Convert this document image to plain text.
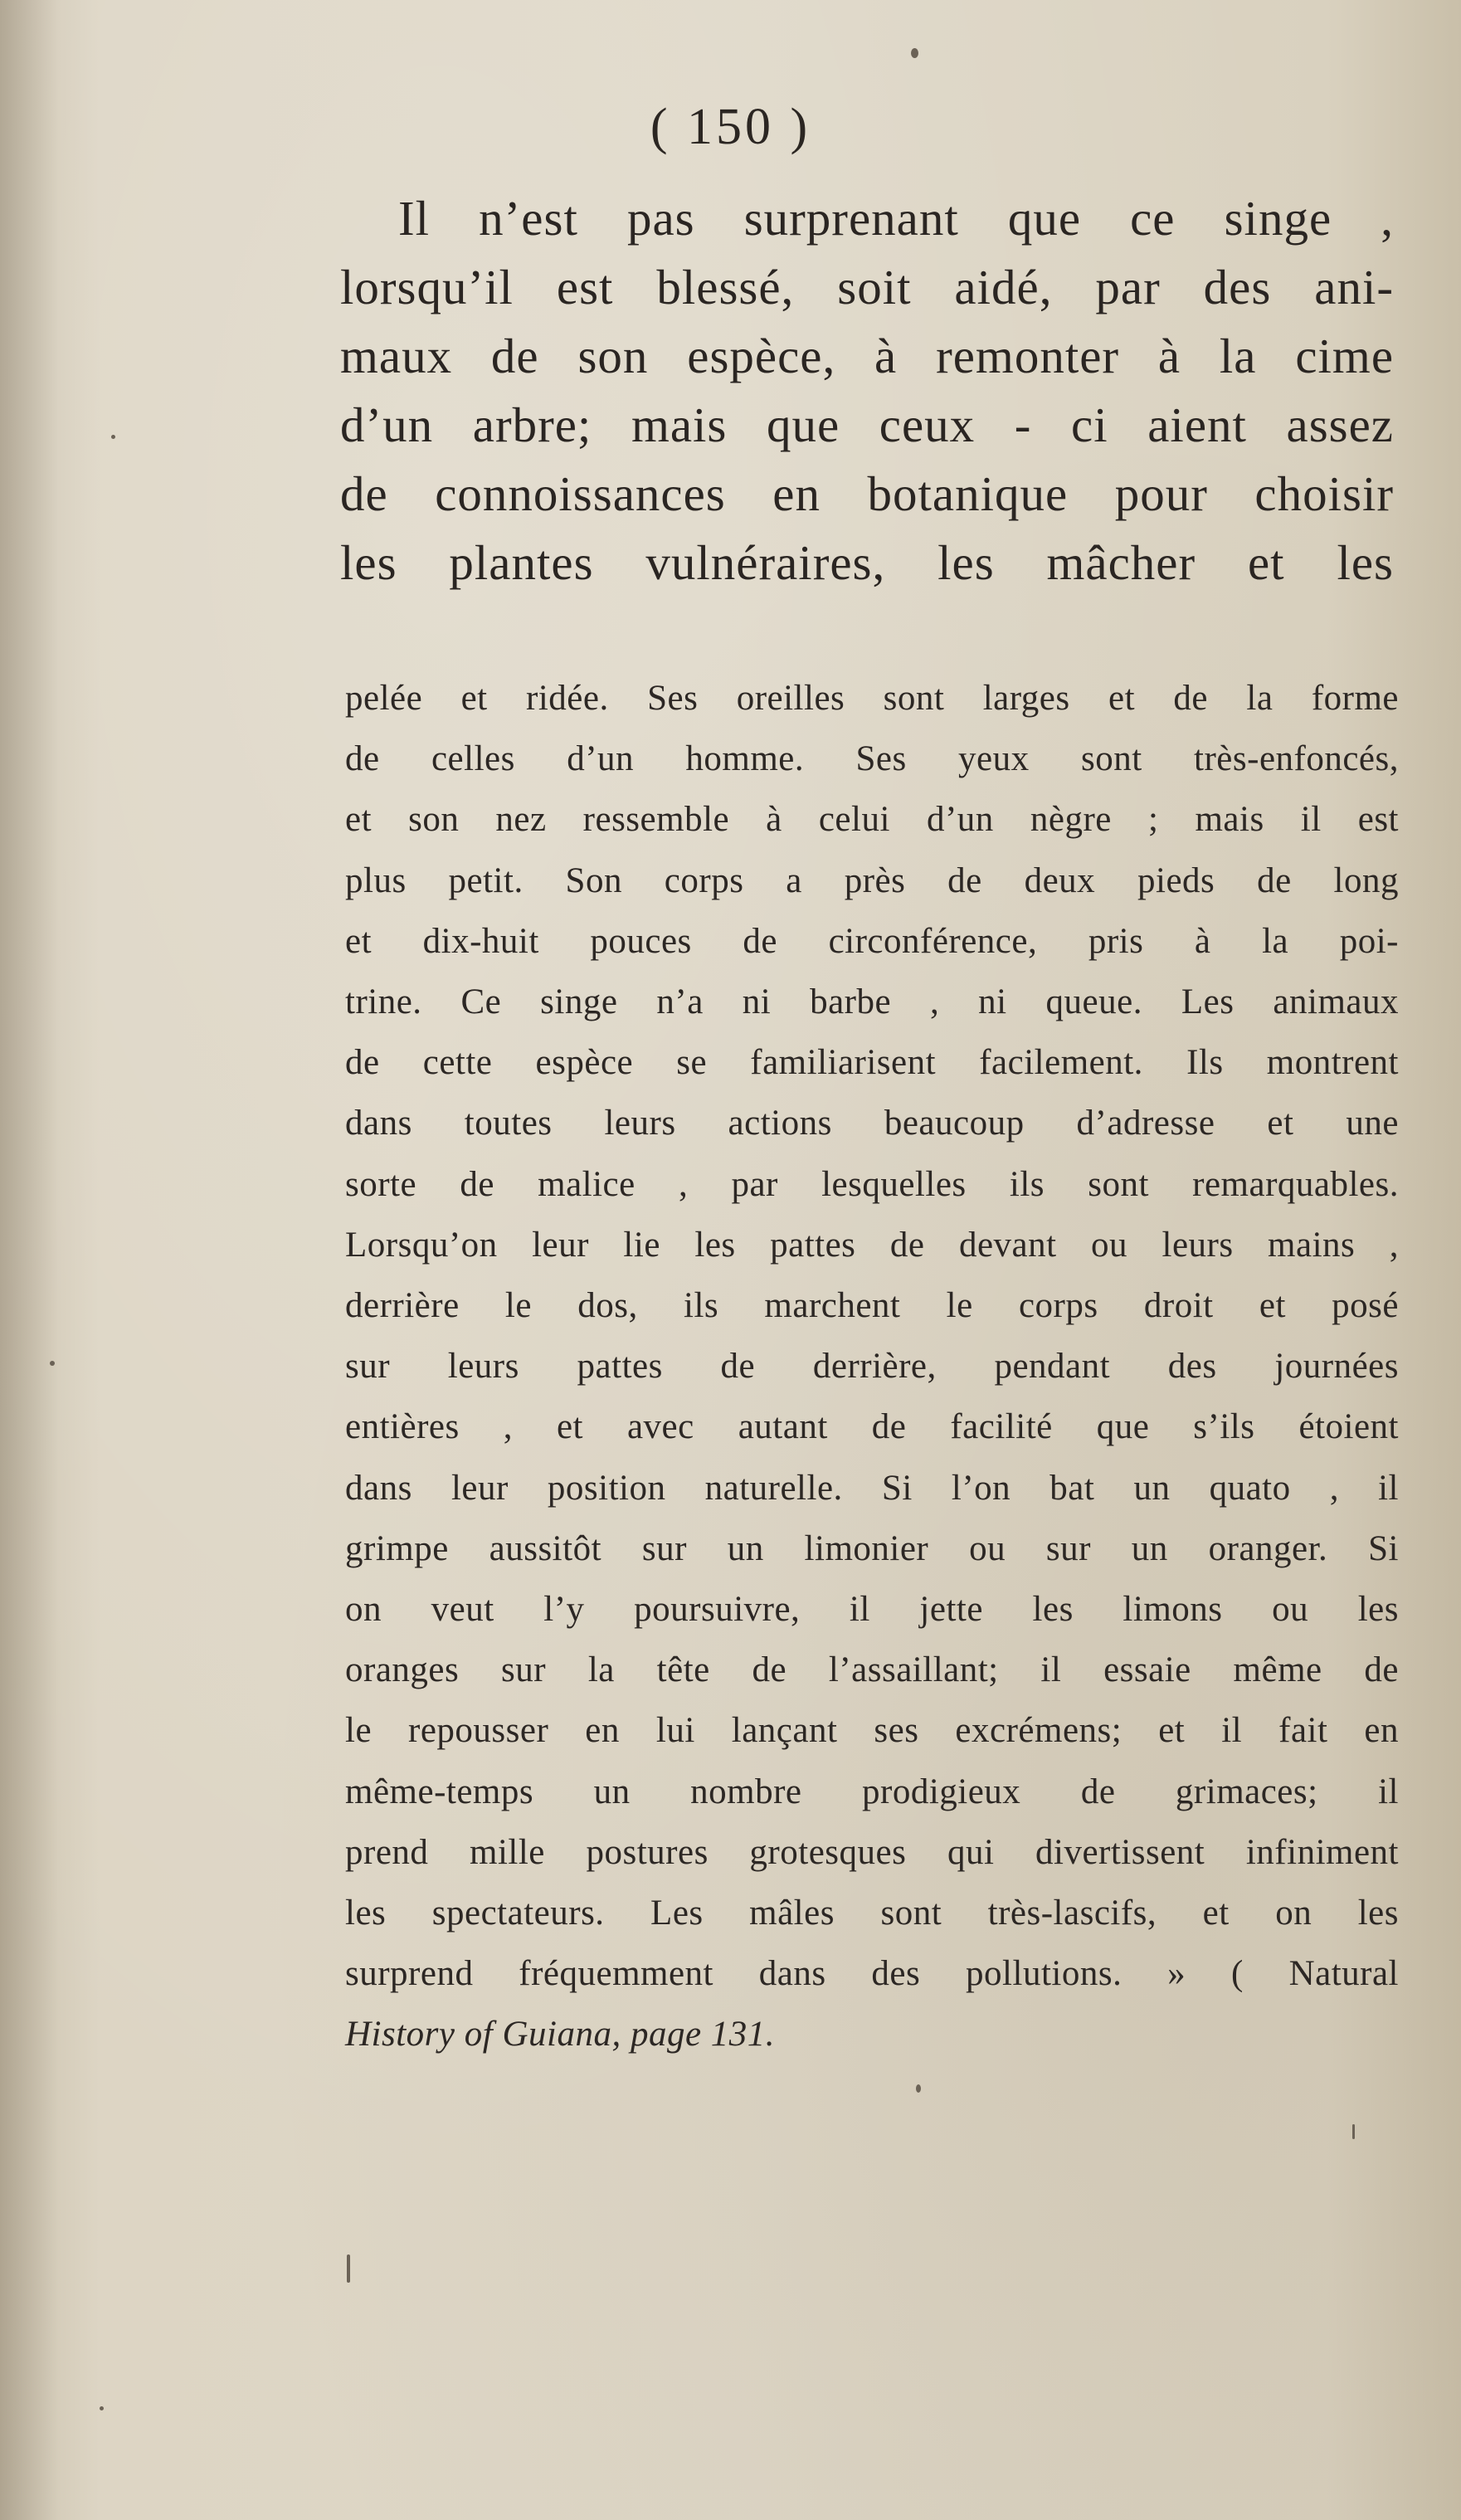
( 150 )
Il n’est pas surprenant que ce singe ,
lorsqu’il est blessé, soit aidé, par des ani-
maux de son espèce, à remonter à la cime
d’un arbre; mais que ceux - ci aient assez
de connoissances en botanique pour choisir
les plantes vulnéraires, les mâcher et les
pelée et ridée. Ses oreilles sont larges et de la forme
de celles d’un homme. Ses yeux sont très-enfoncés,
et son nez ressemble à celui d’un nègre ; mais il est
plus petit. Son corps a près de deux pieds de long
et dix-huit pouces de circonférence, pris à la poi-
trine. Ce singe n’a ni barbe , ni queue. Les animaux
de cette espèce se familiarisent facilement. Ils montrent
dans toutes leurs actions beaucoup d’adresse et une
sorte de malice , par lesquelles ils sont remarquables.
Lorsqu’on leur lie les pattes de devant ou leurs mains ,
derrière le dos, ils marchent le corps droit et posé
sur leurs pattes de derrière, pendant des journées
entières , et avec autant de facilité que s’ils étoient
dans leur position naturelle. Si l’on bat un quato , il
grimpe aussitôt sur un limonier ou sur un oranger. Si
on veut l’y poursuivre, il jette les limons ou les
oranges sur la tête de l’assaillant; il essaie même de
le repousser en lui lançant ses excrémens; et il fait en
même-temps un nombre prodigieux de grimaces; il
prend mille postures grotesques qui divertissent infiniment
les spectateurs. Les mâles sont très-lascifs, et on les
surprend fréquemment dans des pollutions. » ( Natural
History of Guiana, page 131.
